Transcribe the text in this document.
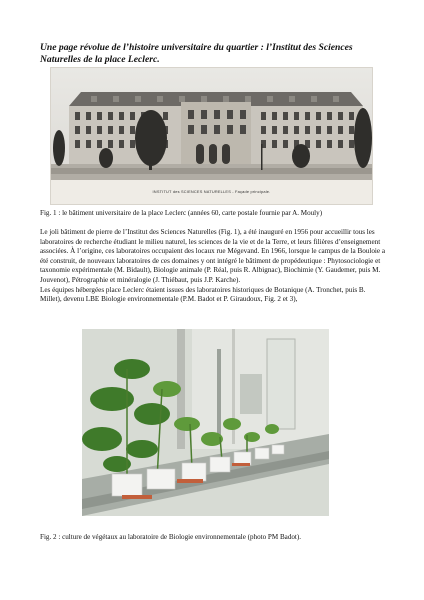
Une page révolue de l’histoire universitaire du quartier : l’Institut des Sciences Naturelles de la place Leclerc.
INSTITUT des SCIENCES NATURELLES - Façade principale.
Fig. 1 : le bâtiment universitaire de la place Leclerc (années 60, carte postale fournie par A. Mouly)

Le joli bâtiment de pierre de l’Institut des Sciences Naturelles (Fig. 1), a été inauguré en 1956 pour accueillir tous les laboratoires de recherche étudiant le milieu naturel, les sciences de la vie et de la Terre, et leurs filières d’enseignement associées. À l’origine, ces laboratoires occupaient des locaux rue Mégevand. En 1966, lorsque le campus de la Bouloie a été construit, de nouveaux laboratoires de ces domaines y ont intégré le bâtiment de propédeutique : Phytosociologie et taxonomie expérimentale (M. Bidault), Biologie animale (P. Réal, puis R. Albignac), Biochimie (Y. Gaudemer, puis M. Jouvenot), Pétrographie et minéralogie (J. Thiébaut, puis J.P. Karche).

Les équipes hébergées place Leclerc étaient issues des laboratoires historiques de Botanique (A. Tronchet, puis B. Millet), devenu LBE Biologie environnementale (P.M. Badot et P. Giraudoux, Fig. 2 et 3),

Fig. 2 : culture de végétaux au laboratoire de Biologie environnementale (photo PM Badot).
